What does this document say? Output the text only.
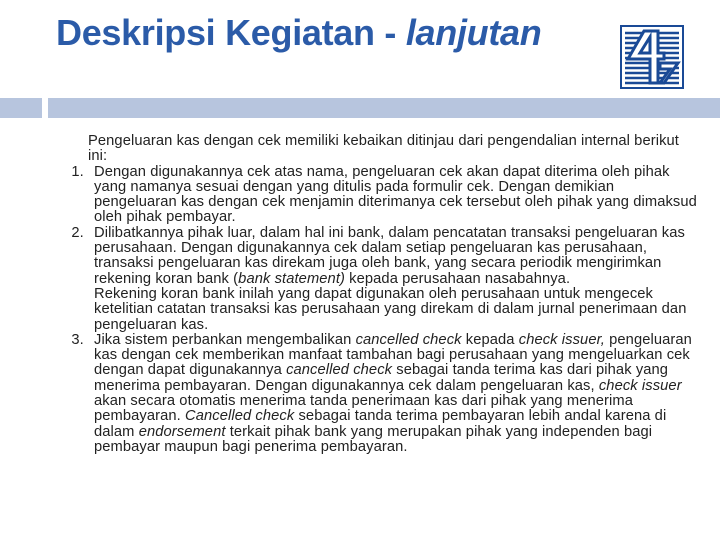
Deskripsi Kegiatan - lanjutan

Pengeluaran kas dengan cek memiliki kebaikan ditinjau dari pengendalian internal berikut ini:

1. Dengan digunakannya cek atas nama, pengeluaran cek akan dapat diterima oleh pihak yang namanya sesuai dengan yang ditulis pada formulir cek. Dengan demikian pengeluaran kas dengan cek menjamin diterimanya cek tersebut oleh pihak yang dimaksud oleh pihak pembayar.
2. Dilibatkannya pihak luar, dalam hal ini bank, dalam pencatatan transaksi pengeluaran kas perusahaan. Dengan digunakannya cek dalam setiap pengeluaran kas perusahaan, transaksi pengeluaran kas direkam juga oleh bank, yang secara periodik mengirimkan rekening koran bank (bank statement) kepada perusahaan nasabahnya.
Rekening koran bank inilah yang dapat digunakan oleh perusahaan untuk mengecek ketelitian catatan transaksi kas perusahaan yang direkam di dalam jurnal penerimaan dan pengeluaran kas.
3. Jika sistem perbankan mengembalikan cancelled check kepada check issuer, pengeluaran kas dengan cek memberikan manfaat tambahan bagi perusahaan yang mengeluarkan cek dengan dapat digunakannya cancelled check sebagai tanda terima kas dari pihak yang menerima pembayaran. Dengan digunakannya cek dalam pengeluaran kas, check issuer akan secara otomatis menerima tanda penerimaan kas dari pihak yang menerima pembayaran. Cancelled check sebagai tanda terima pembayaran lebih andal karena di dalam endorsement terkait pihak bank yang merupakan pihak yang independen bagi pembayar maupun bagi penerima pembayaran.
